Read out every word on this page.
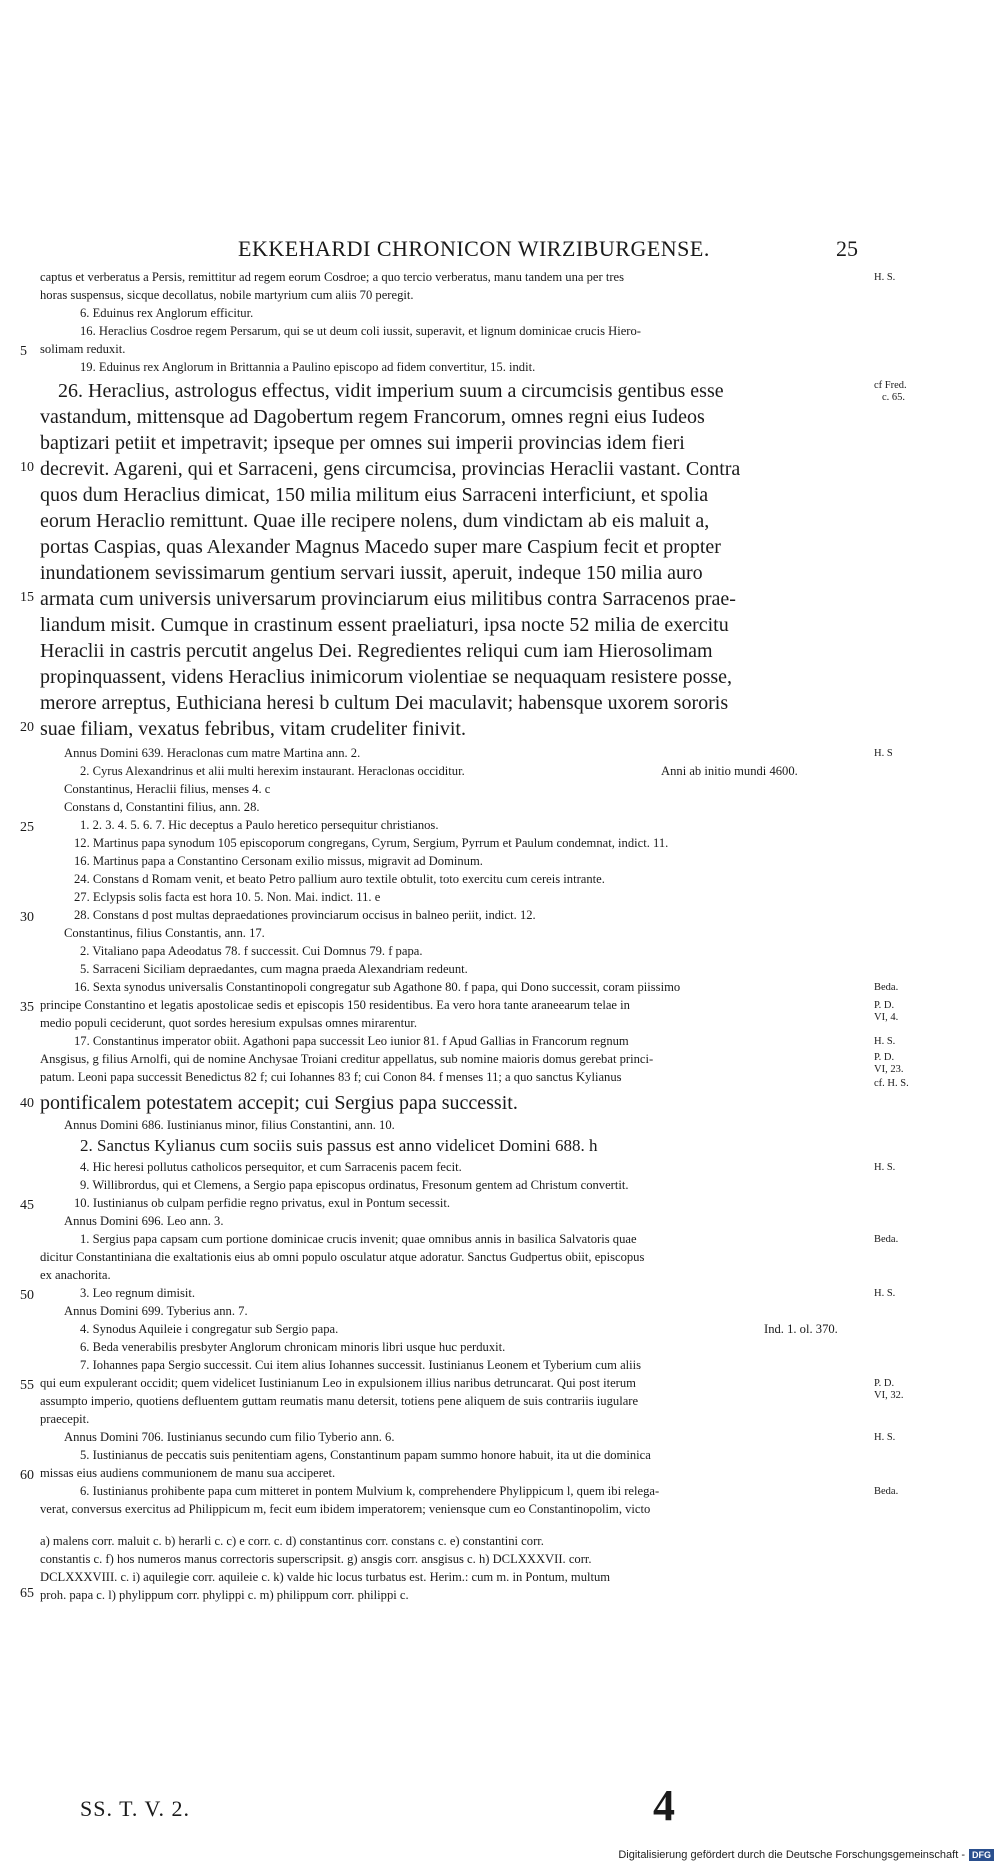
EKKEHARDI CHRONICON WIRZIBURGENSE.	25
captus et verberatus a Persis, remittitur ad regem eorum Cosdroe; a quo tercio verberatus, manu tandem una per tres
horas suspensus, sicque decollatus, nobile martyrium cum aliis 70 peregit.
6. Eduinus rex Anglorum efficitur.
16. Heraclius Cosdroe regem Persarum, qui se ut deum coli iussit, superavit, et lignum dominicae crucis Hiero-
solimam reduxit.
19. Eduinus rex Anglorum in Brittannia a Paulino episcopo ad fidem convertitur, 15. indit.
26. Heraclius, astrologus effectus, vidit imperium suum a circumcisis gentibus esse
vastandum, mittensque ad Dagobertum regem Francorum, omnes regni eius Iudeos
baptizari petiit et impetravit; ipseque per omnes sui imperii provincias idem fieri
decrevit. Agareni, qui et Sarraceni, gens circumcisa, provincias Heraclii vastant. Contra
quos dum Heraclius dimicat, 150 milia militum eius Sarraceni interficiunt, et spolia
eorum Heraclio remittunt. Quae ille recipere nolens, dum vindictam ab eis maluit a,
portas Caspias, quas Alexander Magnus Macedo super mare Caspium fecit et propter
inundationem sevissimarum gentium servari iussit, aperuit, indeque 150 milia auro
armata cum universis universarum provinciarum eius militibus contra Sarracenos prae-
liandum misit. Cumque in crastinum essent praeliaturi, ipsa nocte 52 milia de exercitu
Heraclii in castris percutit angelus Dei. Regredientes reliqui cum iam Hierosolimam
propinquassent, videns Heraclius inimicorum violentiae se nequaquam resistere posse,
merore arreptus, Euthiciana heresi b cultum Dei maculavit; habensque uxorem sororis
suae filiam, vexatus febribus, vitam crudeliter finivit.
Annus Domini 639. Heraclonas cum matre Martina ann. 2.
2. Cyrus Alexandrinus et alii multi herexim instaurant. Heraclonas occiditur.	Anni ab initio mundi 4600.
Constantinus, Heraclii filius, menses 4. c
Constans d, Constantini filius, ann. 28.
1. 2. 3. 4. 5. 6. 7. Hic deceptus a Paulo heretico persequitur christianos.
12. Martinus papa synodum 105 episcoporum congregans, Cyrum, Sergium, Pyrrum et Paulum condemnat, indict. 11.
16. Martinus papa a Constantino Cersonam exilio missus, migravit ad Dominum.
24. Constans d Romam venit, et beato Petro pallium auro textile obtulit, toto exercitu cum cereis intrante.
27. Eclypsis solis facta est hora 10. 5. Non. Mai. indict. 11. e
28. Constans d post multas depraedationes provinciarum occisus in balneo periit, indict. 12.
Constantinus, filius Constantis, ann. 17.
2. Vitaliano papa Adeodatus 78. f successit. Cui Domnus 79. f papa.
5. Sarraceni Siciliam depraedantes, cum magna praeda Alexandriam redeunt.
16. Sexta synodus universalis Constantinopoli congregatur sub Agathone 80. f papa, qui Dono successit, coram piissimo
principe Constantino et legatis apostolicae sedis et episcopis 150 residentibus. Ea vero hora tante araneearum telae in
medio populi ceciderunt, quot sordes heresium expulsas omnes mirarentur.
17. Constantinus imperator obiit. Agathoni papa successit Leo iunior 81. f Apud Gallias in Francorum regnum
Ansgisus, g filius Arnolfi, qui de nomine Anchysae Troiani creditur appellatus, sub nomine maioris domus gerebat princi-
patum. Leoni papa successit Benedictus 82 f; cui Iohannes 83 f; cui Conon 84. f menses 11; a quo sanctus Kylianus
pontificalem potestatem accepit; cui Sergius papa successit.
Annus Domini 686. Iustinianus minor, filius Constantini, ann. 10.
2. Sanctus Kylianus cum sociis suis passus est anno videlicet Domini 688. h
4. Hic heresi pollutus catholicos persequitor, et cum Sarracenis pacem fecit.
9. Willibrordus, qui et Clemens, a Sergio papa episcopus ordinatus, Fresonum gentem ad Christum convertit.
10. Iustinianus ob culpam perfidie regno privatus, exul in Pontum secessit.
Annus Domini 696. Leo ann. 3.
1. Sergius papa capsam cum portione dominicae crucis invenit; quae omnibus annis in basilica Salvatoris quae
dicitur Constantiniana die exaltationis eius ab omni populo osculatur atque adoratur. Sanctus Gudpertus obiit, episcopus
ex anachorita.
3. Leo regnum dimisit.
Annus Domini 699. Tyberius ann. 7.
4. Synodus Aquileie i congregatur sub Sergio papa.	Ind. 1. ol. 370.
6. Beda venerabilis presbyter Anglorum chronicam minoris libri usque huc perduxit.
7. Iohannes papa Sergio successit. Cui item alius Iohannes successit. Iustinianus Leonem et Tyberium cum aliis
qui eum expulerant occidit; quem videlicet Iustinianum Leo in expulsionem illius naribus detruncarat. Qui post iterum
assumpto imperio, quotiens defluentem guttam reumatis manu detersit, totiens pene aliquem de suis contrariis iugulare
praecepit.
Annus Domini 706. Iustinianus secundo cum filio Tyberio ann. 6.
5. Iustinianus de peccatis suis penitentiam agens, Constantinum papam summo honore habuit, ita ut die dominica
missas eius audiens communionem de manu sua acciperet.
6. Iustinianus prohibente papa cum mitteret in pontem Mulvium k, comprehendere Phylippicum l, quem ibi relega-
verat, conversus exercitus ad Philippicum m, fecit eum ibidem imperatorem; veniensque cum eo Constantinopolim, victo
5
10
15
20
25
30
35
40
45
50
55
60
65
H. S.
cf Fred.
c. 65.
H. S
Beda.
P. D.
VI, 4.
H. S.
P. D.
VI, 23.
cf. H. S.
H. S.
Beda.
H. S.
P. D.
VI, 32.
H. S.
Beda.
a) malens corr. maluit c. b) herarli c. c) e corr. c. d) constantinus corr. constans c. e) constantini corr.
constantis c. f) hos numeros manus correctoris superscripsit. g) ansgis corr. ansgisus c. h) DCLXXXVII. corr.
DCLXXXVIII. c. i) aquilegie corr. aquileie c. k) valde hic locus turbatus est. Herim.: cum m. in Pontum, multum
proh. papa c. l) phylippum corr. phylippi c. m) philippum corr. philippi c.
SS. T. V. 2.	4
Digitalisierung gefördert durch die Deutsche Forschungsgemeinschaft - DFG
